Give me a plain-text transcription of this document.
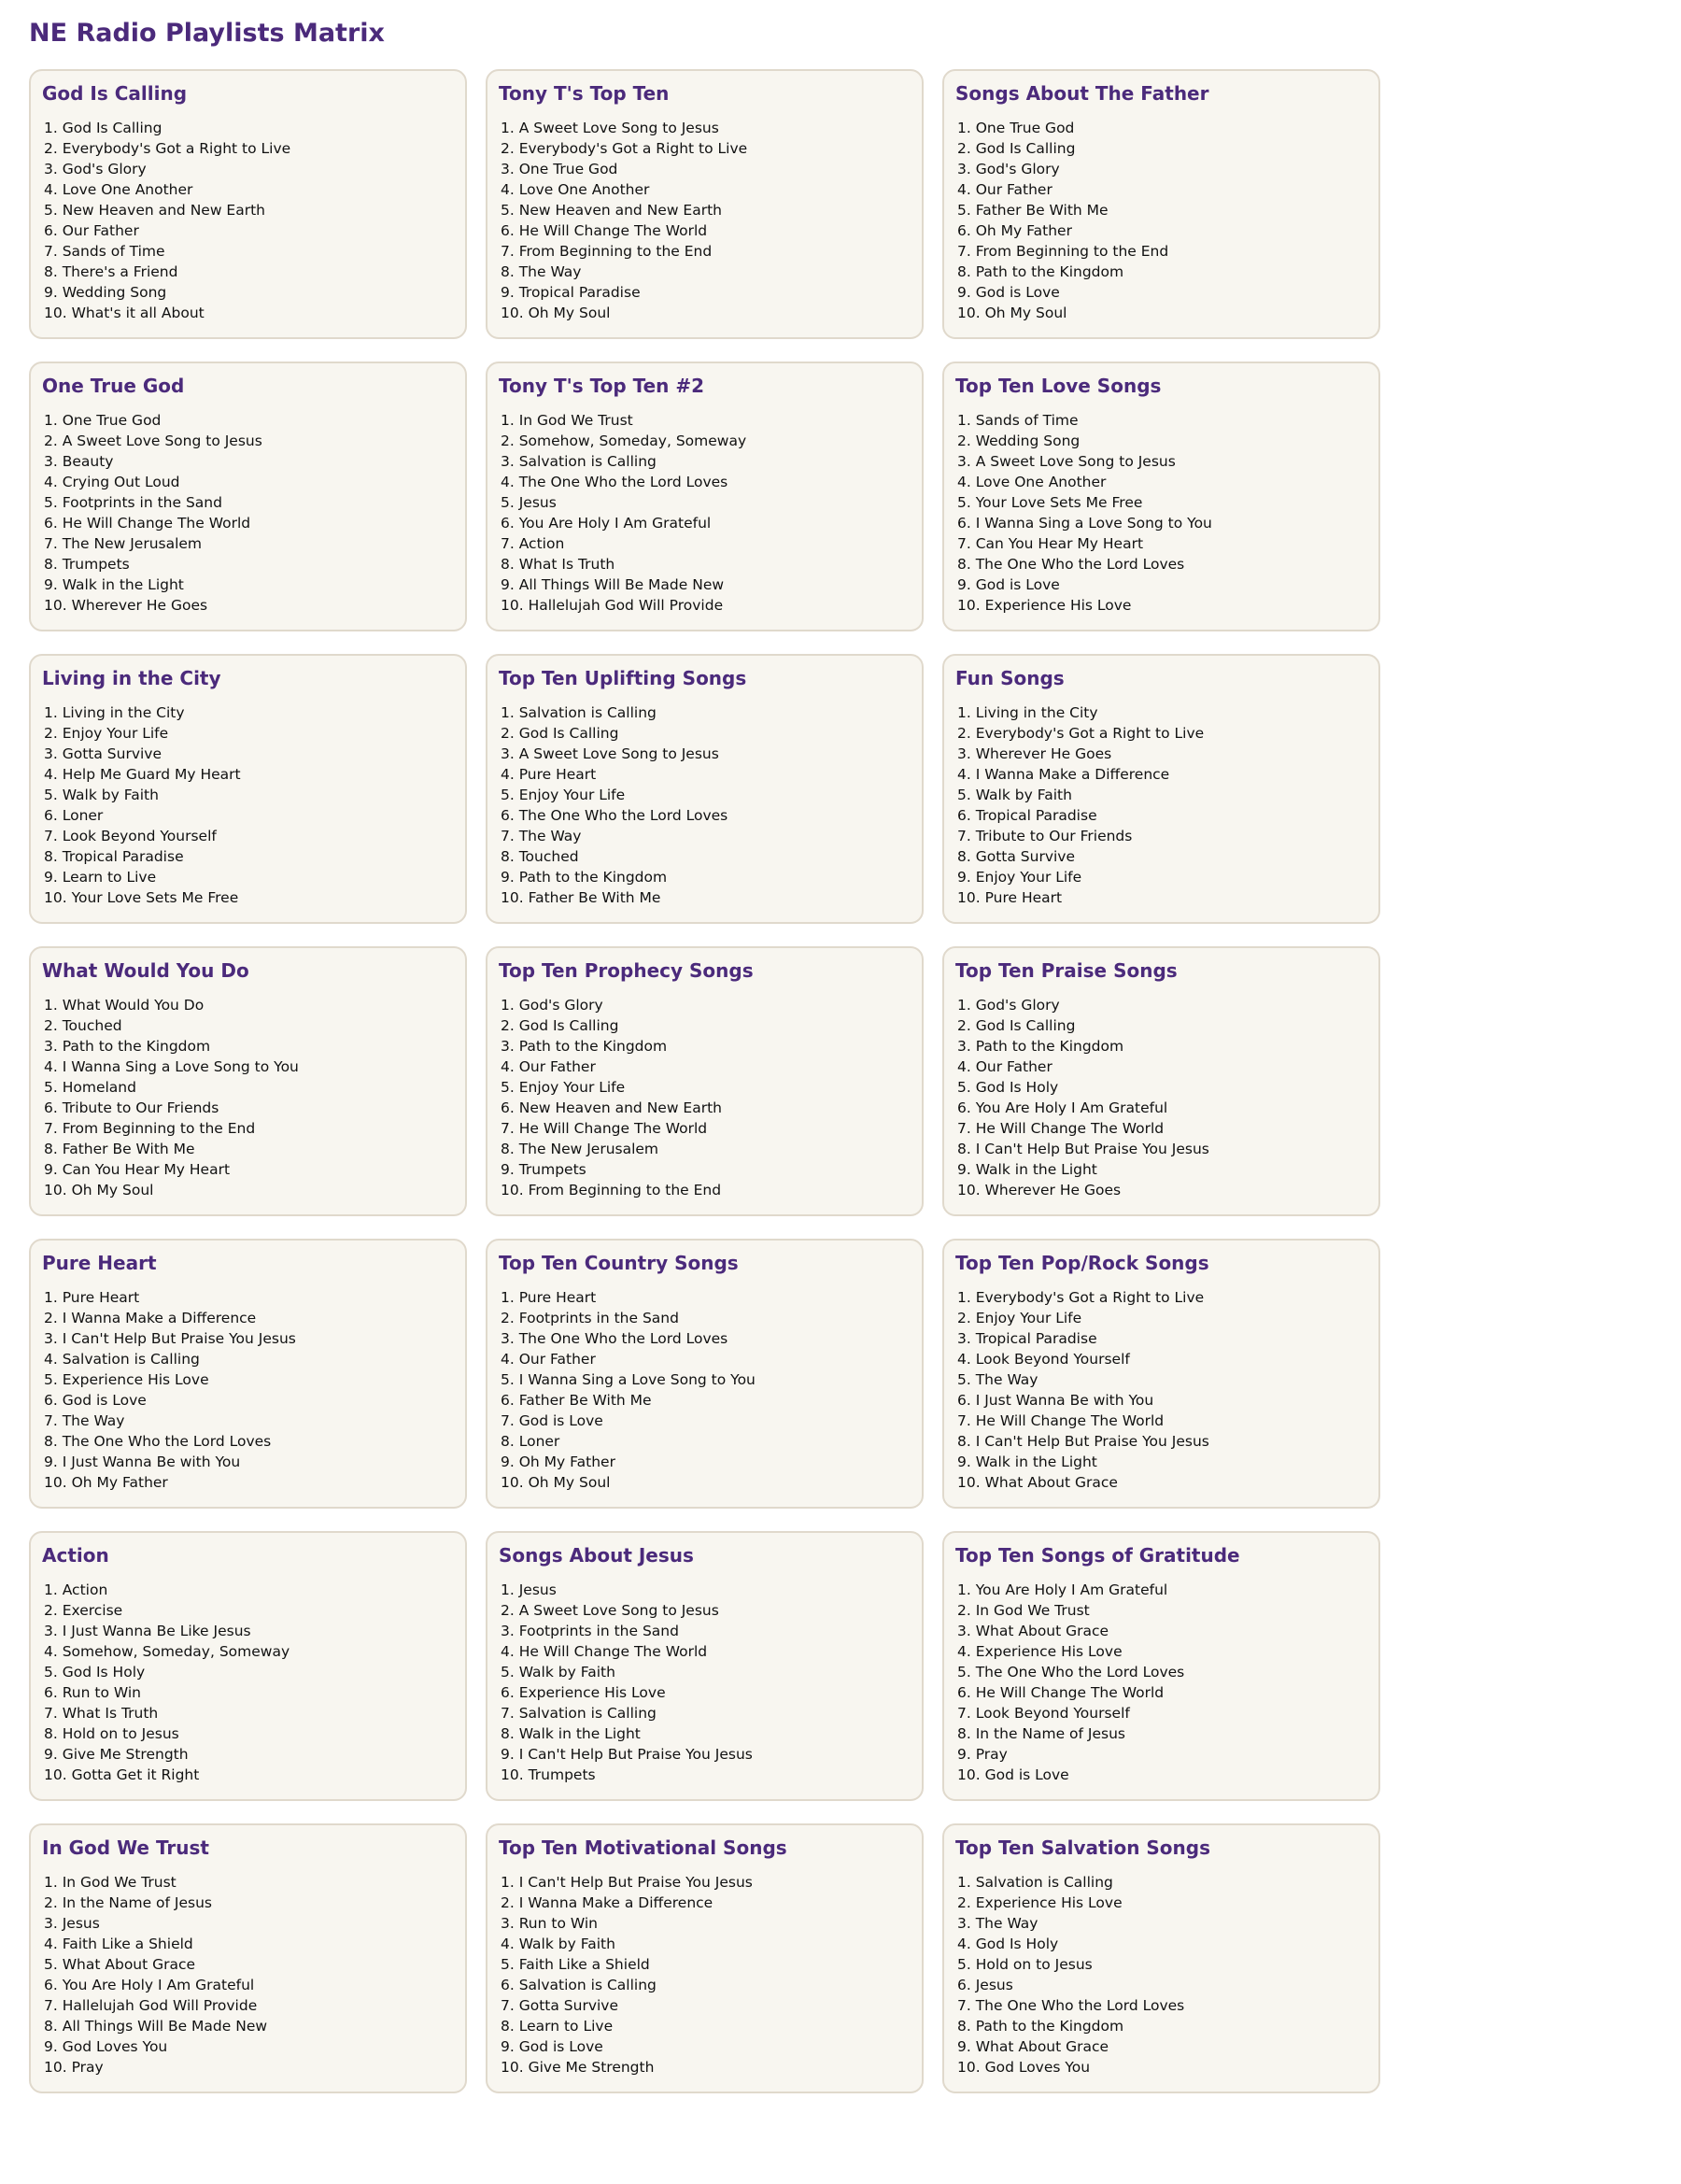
NE Radio Playlists Matrix
God Is Calling
1. God Is Calling
2. Everybody's Got a Right to Live
3. God's Glory
4. Love One Another
5. New Heaven and New Earth
6. Our Father
7. Sands of Time
8. There's a Friend
9. Wedding Song
10. What's it all About
Tony T's Top Ten
1. A Sweet Love Song to Jesus
2. Everybody's Got a Right to Live
3. One True God
4. Love One Another
5. New Heaven and New Earth
6. He Will Change The World
7. From Beginning to the End
8. The Way
9. Tropical Paradise
10. Oh My Soul
Songs About The Father
1. One True God
2. God Is Calling
3. God's Glory
4. Our Father
5. Father Be With Me
6. Oh My Father
7. From Beginning to the End
8. Path to the Kingdom
9. God is Love
10. Oh My Soul
One True God
1. One True God
2. A Sweet Love Song to Jesus
3. Beauty
4. Crying Out Loud
5. Footprints in the Sand
6. He Will Change The World
7. The New Jerusalem
8. Trumpets
9. Walk in the Light
10. Wherever He Goes
Tony T's Top Ten #2
1. In God We Trust
2. Somehow, Someday, Someway
3. Salvation is Calling
4. The One Who the Lord Loves
5. Jesus
6. You Are Holy I Am Grateful
7. Action
8. What Is Truth
9. All Things Will Be Made New
10. Hallelujah God Will Provide
Top Ten Love Songs
1. Sands of Time
2. Wedding Song
3. A Sweet Love Song to Jesus
4. Love One Another
5. Your Love Sets Me Free
6. I Wanna Sing a Love Song to You
7. Can You Hear My Heart
8. The One Who the Lord Loves
9. God is Love
10. Experience His Love
Living in the City
1. Living in the City
2. Enjoy Your Life
3. Gotta Survive
4. Help Me Guard My Heart
5. Walk by Faith
6. Loner
7. Look Beyond Yourself
8. Tropical Paradise
9. Learn to Live
10. Your Love Sets Me Free
Top Ten Uplifting Songs
1. Salvation is Calling
2. God Is Calling
3. A Sweet Love Song to Jesus
4. Pure Heart
5. Enjoy Your Life
6. The One Who the Lord Loves
7. The Way
8. Touched
9. Path to the Kingdom
10. Father Be With Me
Fun Songs
1. Living in the City
2. Everybody's Got a Right to Live
3. Wherever He Goes
4. I Wanna Make a Difference
5. Walk by Faith
6. Tropical Paradise
7. Tribute to Our Friends
8. Gotta Survive
9. Enjoy Your Life
10. Pure Heart
What Would You Do
1. What Would You Do
2. Touched
3. Path to the Kingdom
4. I Wanna Sing a Love Song to You
5. Homeland
6. Tribute to Our Friends
7. From Beginning to the End
8. Father Be With Me
9. Can You Hear My Heart
10. Oh My Soul
Top Ten Prophecy Songs
1. God's Glory
2. God Is Calling
3. Path to the Kingdom
4. Our Father
5. Enjoy Your Life
6. New Heaven and New Earth
7. He Will Change The World
8. The New Jerusalem
9. Trumpets
10. From Beginning to the End
Top Ten Praise Songs
1. God's Glory
2. God Is Calling
3. Path to the Kingdom
4. Our Father
5. God Is Holy
6. You Are Holy I Am Grateful
7. He Will Change The World
8. I Can't Help But Praise You Jesus
9. Walk in the Light
10. Wherever He Goes
Pure Heart
1. Pure Heart
2. I Wanna Make a Difference
3. I Can't Help But Praise You Jesus
4. Salvation is Calling
5. Experience His Love
6. God is Love
7. The Way
8. The One Who the Lord Loves
9. I Just Wanna Be with You
10. Oh My Father
Top Ten Country Songs
1. Pure Heart
2. Footprints in the Sand
3. The One Who the Lord Loves
4. Our Father
5. I Wanna Sing a Love Song to You
6. Father Be With Me
7. God is Love
8. Loner
9. Oh My Father
10. Oh My Soul
Top Ten Pop/Rock Songs
1. Everybody's Got a Right to Live
2. Enjoy Your Life
3. Tropical Paradise
4. Look Beyond Yourself
5. The Way
6. I Just Wanna Be with You
7. He Will Change The World
8. I Can't Help But Praise You Jesus
9. Walk in the Light
10. What About Grace
Action
1. Action
2. Exercise
3. I Just Wanna Be Like Jesus
4. Somehow, Someday, Someway
5. God Is Holy
6. Run to Win
7. What Is Truth
8. Hold on to Jesus
9. Give Me Strength
10. Gotta Get it Right
Songs About Jesus
1. Jesus
2. A Sweet Love Song to Jesus
3. Footprints in the Sand
4. He Will Change The World
5. Walk by Faith
6. Experience His Love
7. Salvation is Calling
8. Walk in the Light
9. I Can't Help But Praise You Jesus
10. Trumpets
Top Ten Songs of Gratitude
1. You Are Holy I Am Grateful
2. In God We Trust
3. What About Grace
4. Experience His Love
5. The One Who the Lord Loves
6. He Will Change The World
7. Look Beyond Yourself
8. In the Name of Jesus
9. Pray
10. God is Love
In God We Trust
1. In God We Trust
2. In the Name of Jesus
3. Jesus
4. Faith Like a Shield
5. What About Grace
6. You Are Holy I Am Grateful
7. Hallelujah God Will Provide
8. All Things Will Be Made New
9. God Loves You
10. Pray
Top Ten Motivational Songs
1. I Can't Help But Praise You Jesus
2. I Wanna Make a Difference
3. Run to Win
4. Walk by Faith
5. Faith Like a Shield
6. Salvation is Calling
7. Gotta Survive
8. Learn to Live
9. God is Love
10. Give Me Strength
Top Ten Salvation Songs
1. Salvation is Calling
2. Experience His Love
3. The Way
4. God Is Holy
5. Hold on to Jesus
6. Jesus
7. The One Who the Lord Loves
8. Path to the Kingdom
9. What About Grace
10. God Loves You
